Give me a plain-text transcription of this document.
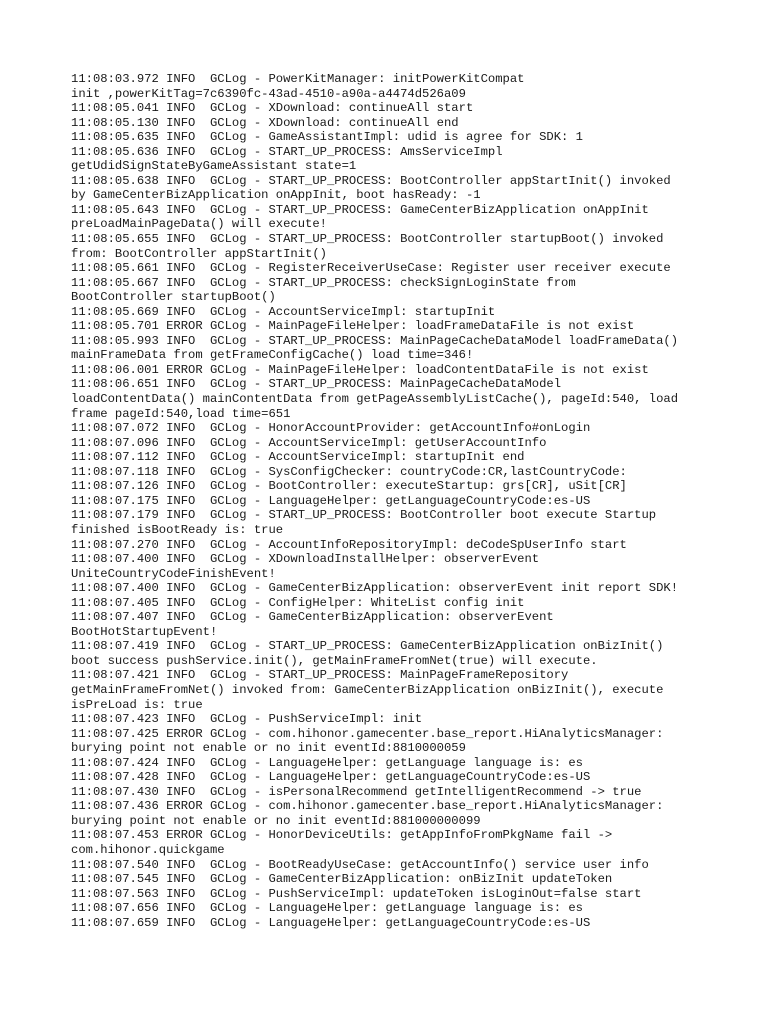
11:08:03.972 INFO  GCLog - PowerKitManager: initPowerKitCompat
init ,powerKitTag=7c6390fc-43ad-4510-a90a-a4474d526a09
11:08:05.041 INFO  GCLog - XDownload: continueAll start
11:08:05.130 INFO  GCLog - XDownload: continueAll end
11:08:05.635 INFO  GCLog - GameAssistantImpl: udid is agree for SDK: 1
11:08:05.636 INFO  GCLog - START_UP_PROCESS: AmsServiceImpl
getUdidSignStateByGameAssistant state=1
11:08:05.638 INFO  GCLog - START_UP_PROCESS: BootController appStartInit() invoked
by GameCenterBizApplication onAppInit, boot hasReady: -1
11:08:05.643 INFO  GCLog - START_UP_PROCESS: GameCenterBizApplication onAppInit
preLoadMainPageData() will execute!
11:08:05.655 INFO  GCLog - START_UP_PROCESS: BootController startupBoot() invoked
from: BootController appStartInit()
11:08:05.661 INFO  GCLog - RegisterReceiverUseCase: Register user receiver execute
11:08:05.667 INFO  GCLog - START_UP_PROCESS: checkSignLoginState from
BootController startupBoot()
11:08:05.669 INFO  GCLog - AccountServiceImpl: startupInit
11:08:05.701 ERROR GCLog - MainPageFileHelper: loadFrameDataFile is not exist
11:08:05.993 INFO  GCLog - START_UP_PROCESS: MainPageCacheDataModel loadFrameData()
mainFrameData from getFrameConfigCache() load time=346!
11:08:06.001 ERROR GCLog - MainPageFileHelper: loadContentDataFile is not exist
11:08:06.651 INFO  GCLog - START_UP_PROCESS: MainPageCacheDataModel
loadContentData() mainContentData from getPageAssemblyListCache(), pageId:540, load
frame pageId:540,load time=651
11:08:07.072 INFO  GCLog - HonorAccountProvider: getAccountInfo#onLogin
11:08:07.096 INFO  GCLog - AccountServiceImpl: getUserAccountInfo
11:08:07.112 INFO  GCLog - AccountServiceImpl: startupInit end
11:08:07.118 INFO  GCLog - SysConfigChecker: countryCode:CR,lastCountryCode:
11:08:07.126 INFO  GCLog - BootController: executeStartup: grs[CR], uSit[CR]
11:08:07.175 INFO  GCLog - LanguageHelper: getLanguageCountryCode:es-US
11:08:07.179 INFO  GCLog - START_UP_PROCESS: BootController boot execute Startup
finished isBootReady is: true
11:08:07.270 INFO  GCLog - AccountInfoRepositoryImpl: deCodeSpUserInfo start
11:08:07.400 INFO  GCLog - XDownloadInstallHelper: observerEvent
UniteCountryCodeFinishEvent!
11:08:07.400 INFO  GCLog - GameCenterBizApplication: observerEvent init report SDK!
11:08:07.405 INFO  GCLog - ConfigHelper: WhiteList config init
11:08:07.407 INFO  GCLog - GameCenterBizApplication: observerEvent
BootHotStartupEvent!
11:08:07.419 INFO  GCLog - START_UP_PROCESS: GameCenterBizApplication onBizInit()
boot success pushService.init(), getMainFrameFromNet(true) will execute.
11:08:07.421 INFO  GCLog - START_UP_PROCESS: MainPageFrameRepository
getMainFrameFromNet() invoked from: GameCenterBizApplication onBizInit(), execute
isPreLoad is: true
11:08:07.423 INFO  GCLog - PushServiceImpl: init
11:08:07.425 ERROR GCLog - com.hihonor.gamecenter.base_report.HiAnalyticsManager:
burying point not enable or no init eventId:8810000059
11:08:07.424 INFO  GCLog - LanguageHelper: getLanguage language is: es
11:08:07.428 INFO  GCLog - LanguageHelper: getLanguageCountryCode:es-US
11:08:07.430 INFO  GCLog - isPersonalRecommend getIntelligentRecommend -> true
11:08:07.436 ERROR GCLog - com.hihonor.gamecenter.base_report.HiAnalyticsManager:
burying point not enable or no init eventId:881000000099
11:08:07.453 ERROR GCLog - HonorDeviceUtils: getAppInfoFromPkgName fail ->
com.hihonor.quickgame
11:08:07.540 INFO  GCLog - BootReadyUseCase: getAccountInfo() service user info
11:08:07.545 INFO  GCLog - GameCenterBizApplication: onBizInit updateToken
11:08:07.563 INFO  GCLog - PushServiceImpl: updateToken isLoginOut=false start
11:08:07.656 INFO  GCLog - LanguageHelper: getLanguage language is: es
11:08:07.659 INFO  GCLog - LanguageHelper: getLanguageCountryCode:es-US
